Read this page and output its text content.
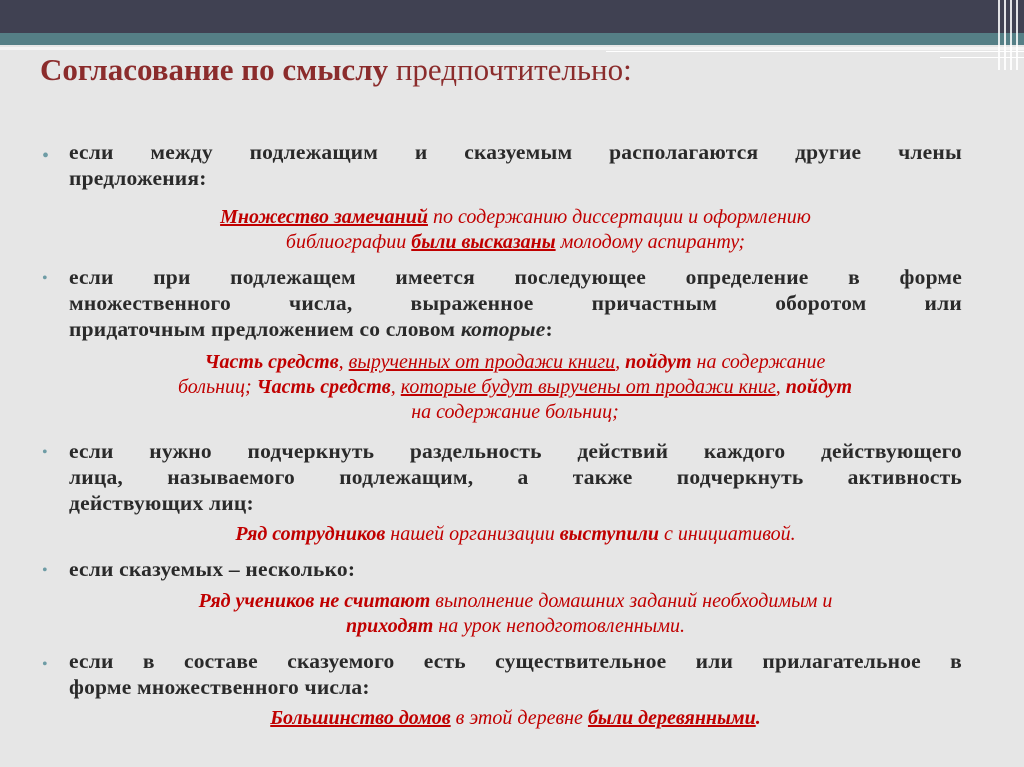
Согласование по смыслу предпочтительно:
• если между подлежащим и сказуемым располагаются другие члены
предложения:
Множество замечаний по содержанию диссертации и оформлению
библиографии были высказаны молодому аспиранту;
• если при подлежащем имеется последующее определение в форме
множественного числа, выраженное причастным оборотом или
придаточным предложением со словом которые:
Часть средств, вырученных от продажи книги, пойдут на содержание
больниц; Часть средств, которые будут выручены от продажи книг, пойдут
на содержание больниц;
• если нужно подчеркнуть раздельность действий каждого действующего
лица, называемого подлежащим, а также подчеркнуть активность
действующих лиц:
Ряд сотрудников нашей организации выступили с инициативой.
• если сказуемых – несколько:
Ряд учеников не считают выполнение домашних заданий необходимым и
приходят на урок неподготовленными.
• если в составе сказуемого есть существительное или прилагательное в
форме множественного числа:
Большинство домов в этой деревне были деревянными.
